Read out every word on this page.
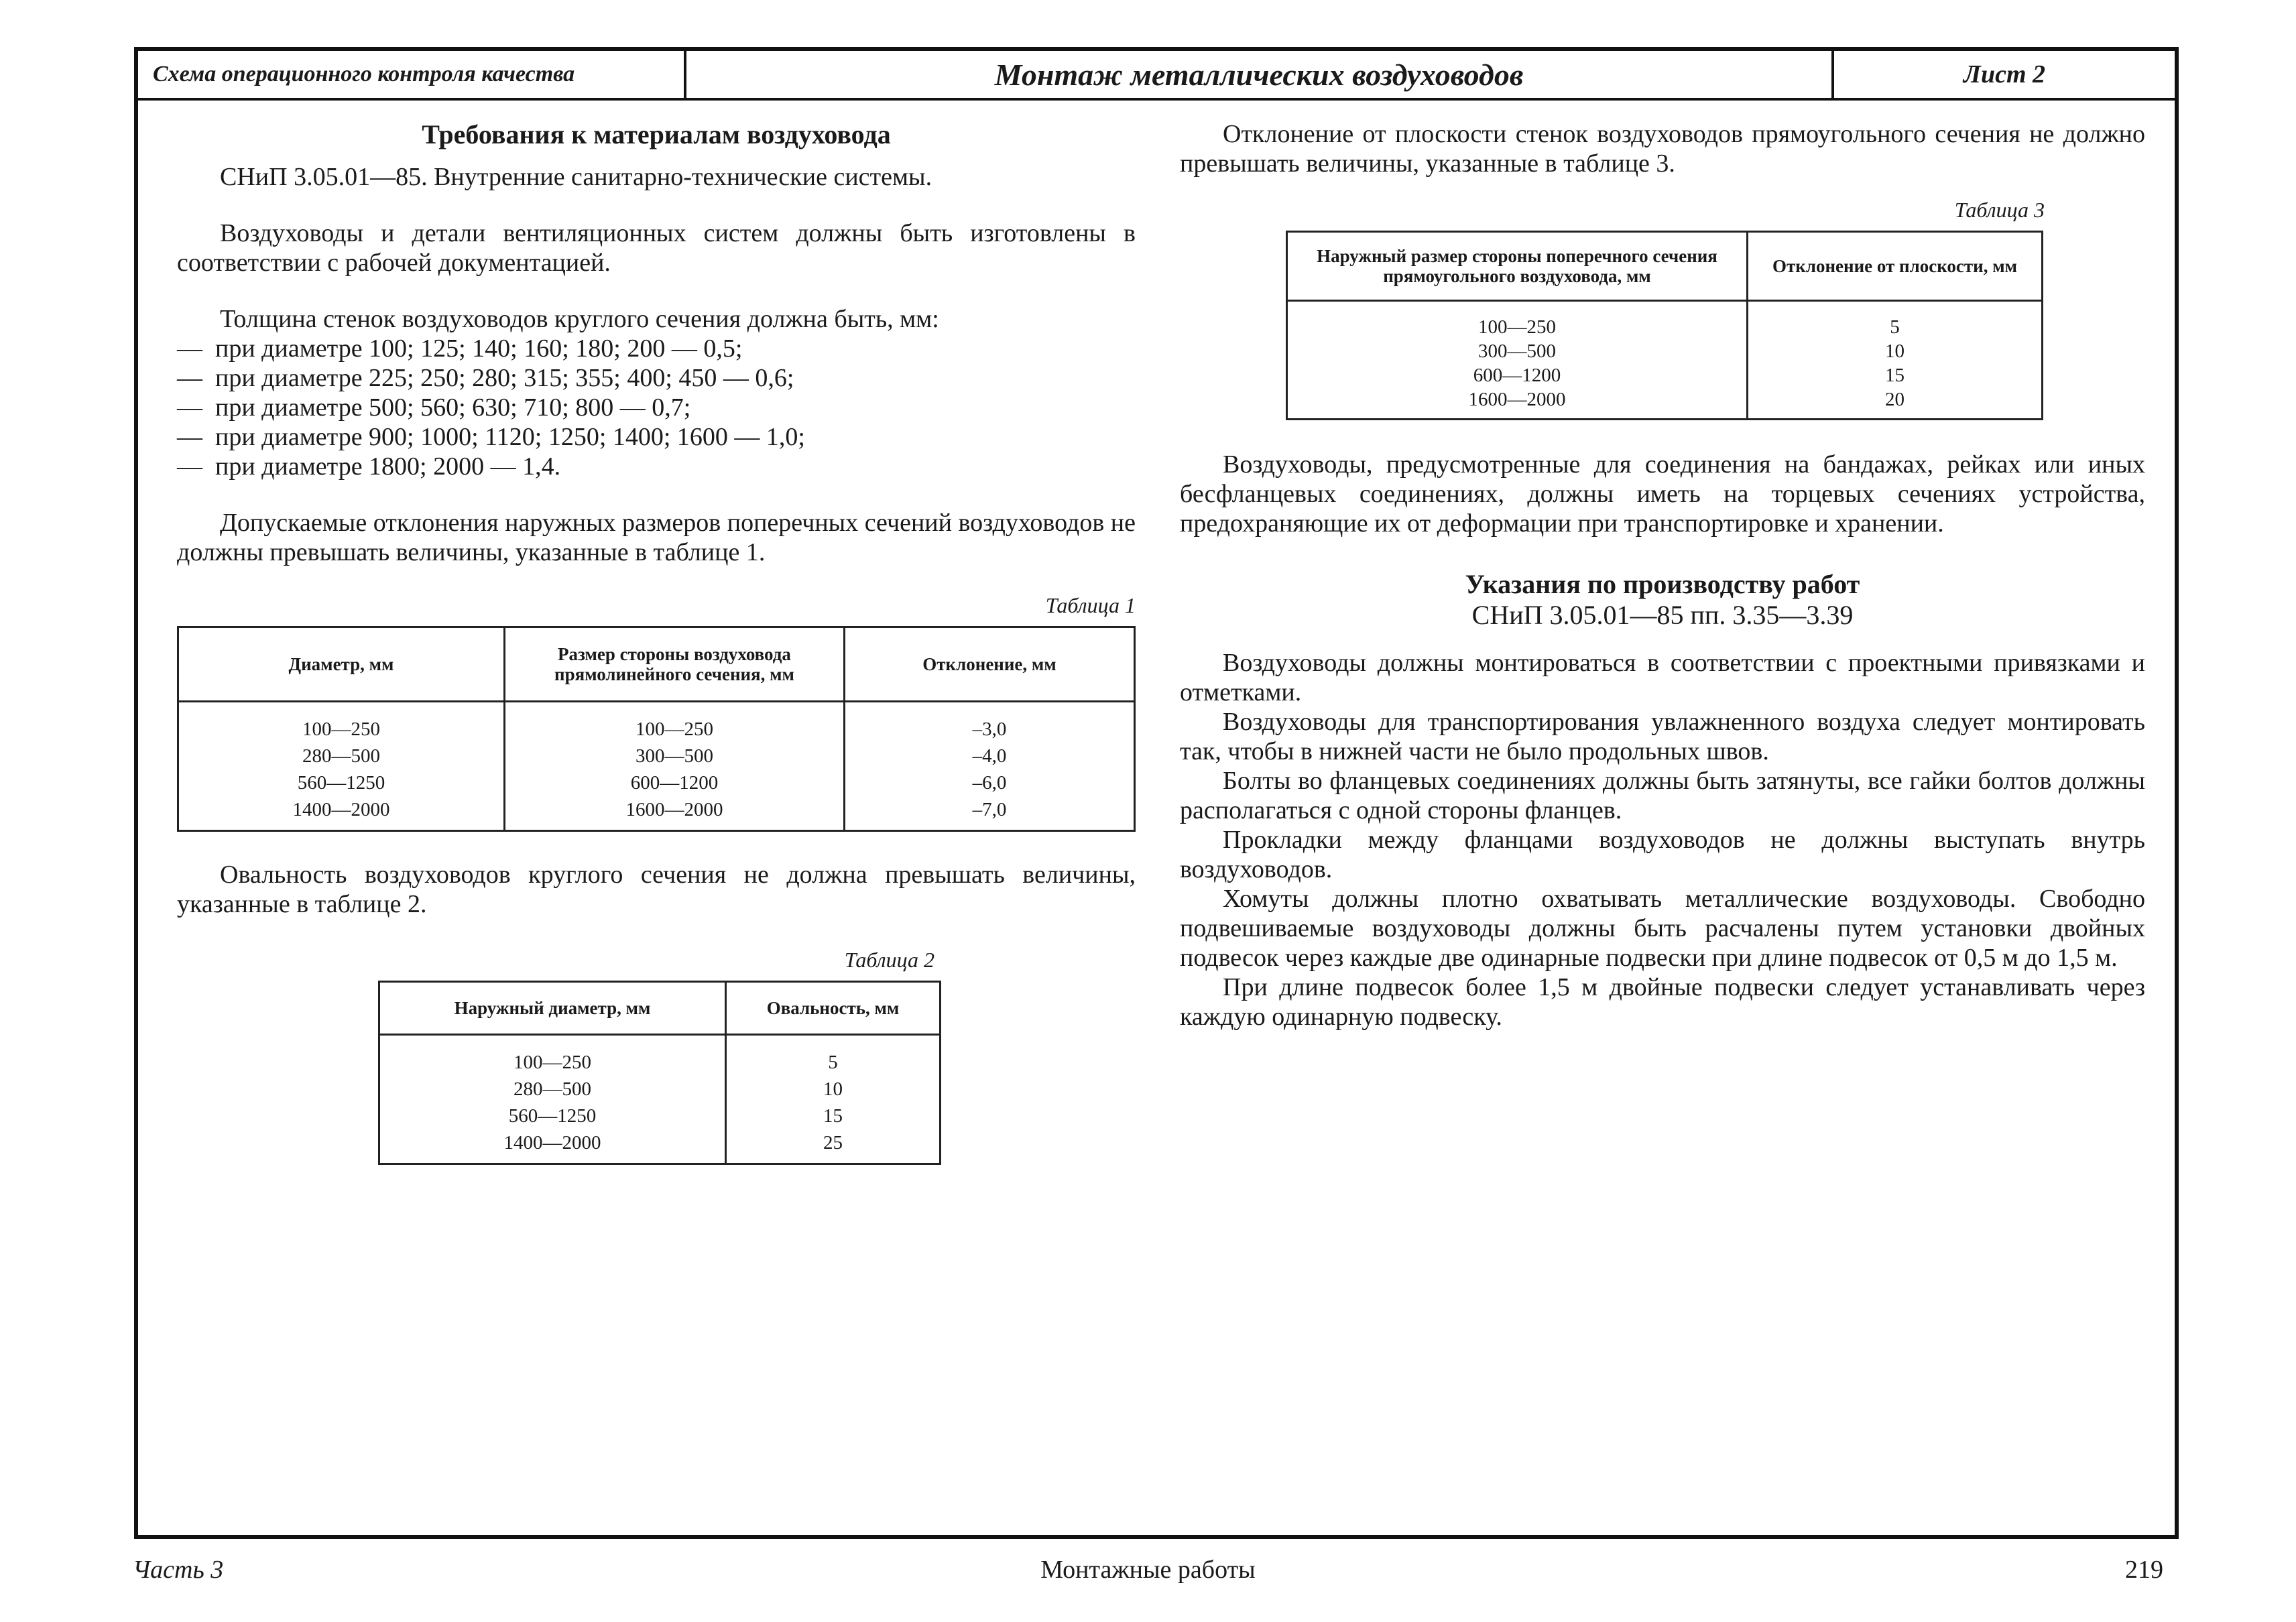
Схема операционного контроля качества	Монтаж металлических воздуховодов	Лист 2

Требования к материалам воздуховода

СНиП 3.05.01—85. Внутренние санитарно-технические системы.

Воздуховоды и детали вентиляционных систем должны быть изготовлены в соответствии с рабочей документацией.

Толщина стенок воздуховодов круглого сечения должна быть, мм:

—  при диаметре 100; 125; 140; 160; 180; 200 — 0,5;
—  при диаметре 225; 250; 280; 315; 355; 400; 450 — 0,6;
—  при диаметре 500; 560; 630; 710; 800 — 0,7;
—  при диаметре 900; 1000; 1120; 1250; 1400; 1600 — 1,0;
—  при диаметре 1800; 2000 — 1,4.

Допускаемые отклонения наружных размеров поперечных сечений воздуховодов не должны превышать величины, указанные в таблице 1.

Таблица 1

Диаметр, мм	Размер стороны воздуховода прямолинейного сечения, мм	Отклонение, мм
100—250	100—250	–3,0
280—500	300—500	–4,0
560—1250	600—1200	–6,0
1400—2000	1600—2000	–7,0

Овальность воздуховодов круглого сечения не должна превышать величины, указанные в таблице 2.

Таблица 2

Наружный диаметр, мм	Овальность, мм
100—250	5
280—500	10
560—1250	15
1400—2000	25

Отклонение от плоскости стенок воздуховодов прямоугольного сечения не должно превышать величины, указанные в таблице 3.

Таблица 3

Наружный размер стороны поперечного сечения прямоугольного воздуховода, мм	Отклонение от плоскости, мм
100—250	5
300—500	10
600—1200	15
1600—2000	20

Воздуховоды, предусмотренные для соединения на бандажах, рейках или иных бесфланцевых соединениях, должны иметь на торцевых сечениях устройства, предохраняющие их от деформации при транспортировке и хранении.

Указания по производству работ

СНиП 3.05.01—85 пп. 3.35—3.39

Воздуховоды должны монтироваться в соответствии с проектными привязками и отметками.

Воздуховоды для транспортирования увлажненного воздуха следует монтировать так, чтобы в нижней части не было продольных швов.

Болты во фланцевых соединениях должны быть затянуты, все гайки болтов должны располагаться с одной стороны фланцев.

Прокладки между фланцами воздуховодов не должны выступать внутрь воздуховодов.

Хомуты должны плотно охватывать металлические воздуховоды. Свободно подвешиваемые воздуховоды должны быть расчалены путем установки двойных подвесок через каждые две одинарные подвески при длине подвесок от 0,5 м до 1,5 м.

При длине подвесок более 1,5 м двойные подвески следует устанавливать через каждую одинарную подвеску.

Часть 3	Монтажные работы	219
